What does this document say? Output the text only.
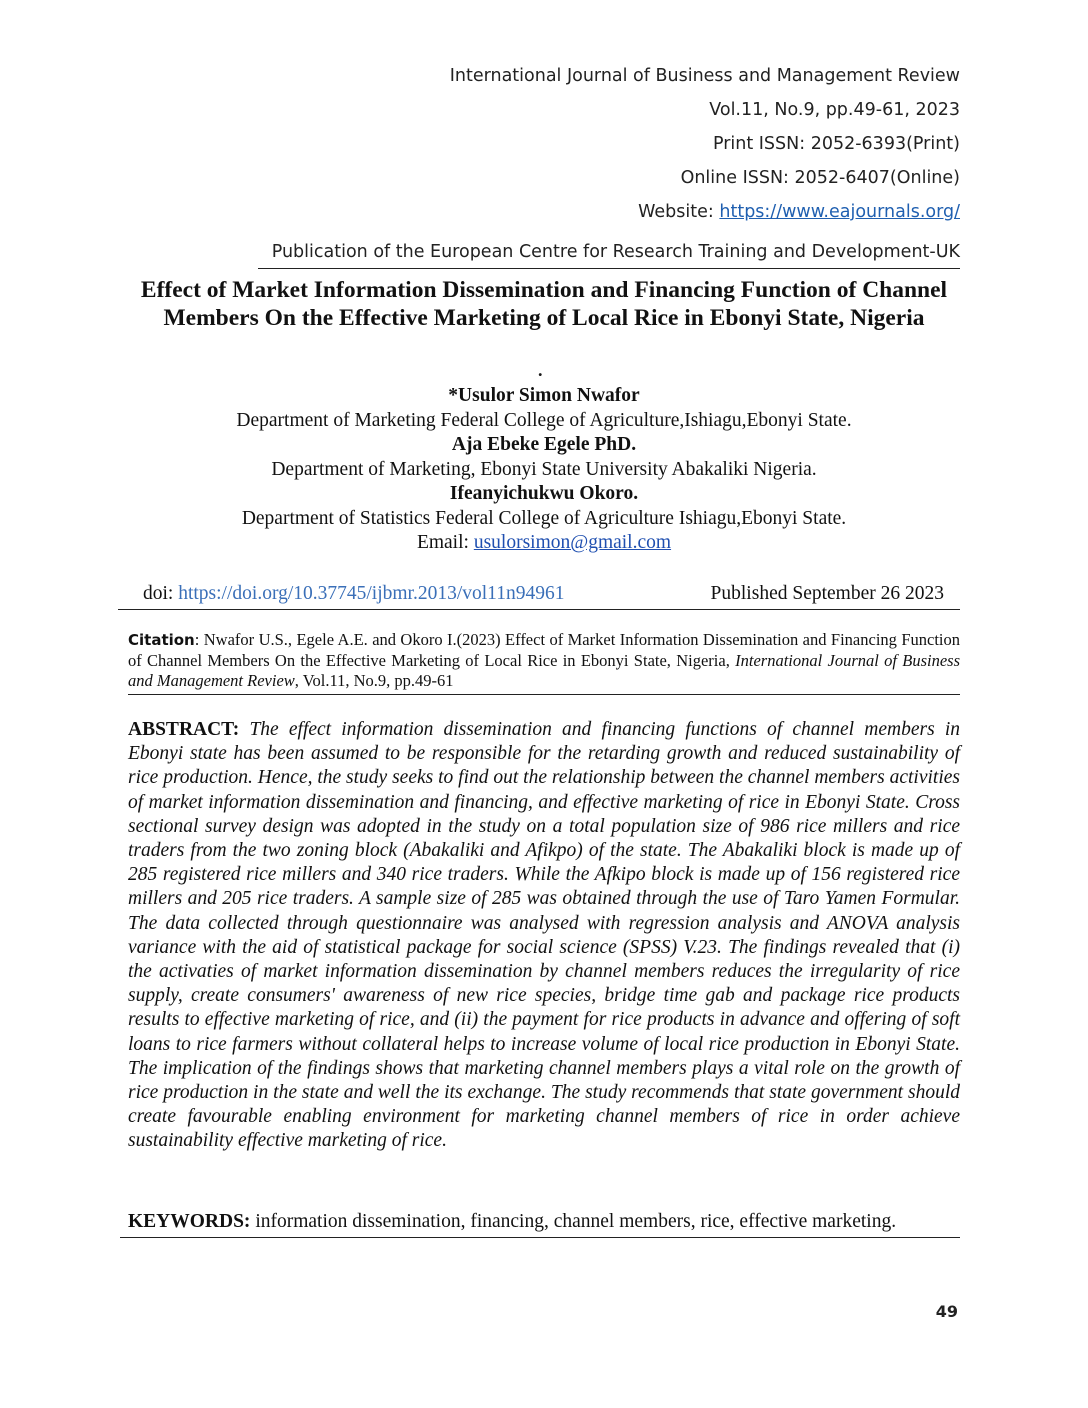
International Journal of Business and Management Review
Vol.11, No.9, pp.49-61, 2023
Print ISSN: 2052-6393(Print)
Online ISSN: 2052-6407(Online)
Website: https://www.eajournals.org/
Publication of the European Centre for Research Training and Development-UK
Effect of Market Information Dissemination and Financing Function of Channel Members On the Effective Marketing of Local Rice in Ebonyi State, Nigeria
.
*Usulor Simon Nwafor
Department of Marketing Federal College of Agriculture,Ishiagu,Ebonyi State.
Aja Ebeke Egele PhD.
Department of Marketing, Ebonyi State University Abakaliki Nigeria.
Ifeanyichukwu Okoro.
Department of Statistics Federal College of Agriculture Ishiagu,Ebonyi State.
Email: usulorsimon@gmail.com
doi: https://doi.org/10.37745/ijbmr.2013/vol11n94961	Published September 26 2023
Citation: Nwafor U.S., Egele A.E. and Okoro I.(2023) Effect of Market Information Dissemination and Financing Function of Channel Members On the Effective Marketing of Local Rice in Ebonyi State, Nigeria, International Journal of Business and Management Review, Vol.11, No.9, pp.49-61
ABSTRACT: The effect information dissemination and financing functions of channel members in Ebonyi state has been assumed to be responsible for the retarding growth and reduced sustainability of rice production. Hence, the study seeks to find out the relationship between the channel members activities of market information dissemination and financing, and effective marketing of rice in Ebonyi State. Cross sectional survey design was adopted in the study on a total population size of 986 rice millers and rice traders from the two zoning block (Abakaliki and Afikpo) of the state. The Abakaliki block is made up of 285 registered rice millers and 340 rice traders. While the Afkipo block is made up of 156 registered rice millers and 205 rice traders. A sample size of 285 was obtained through the use of Taro Yamen Formular. The data collected through questionnaire was analysed with regression analysis and ANOVA analysis variance with the aid of statistical package for social science (SPSS) V.23. The findings revealed that (i) the activaties of market information dissemination by channel members reduces the irregularity of rice supply, create consumers' awareness of new rice species, bridge time gab and package rice products results to effective marketing of rice, and (ii) the payment for rice products in advance and offering of soft loans to rice farmers without collateral helps to increase volume of local rice production in Ebonyi State. The implication of the findings shows that marketing channel members plays a vital role on the growth of rice production in the state and well the its exchange. The study recommends that state government should create favourable enabling environment for marketing channel members of rice in order achieve sustainability effective marketing of rice.
KEYWORDS: information dissemination, financing, channel members, rice, effective marketing.
49
